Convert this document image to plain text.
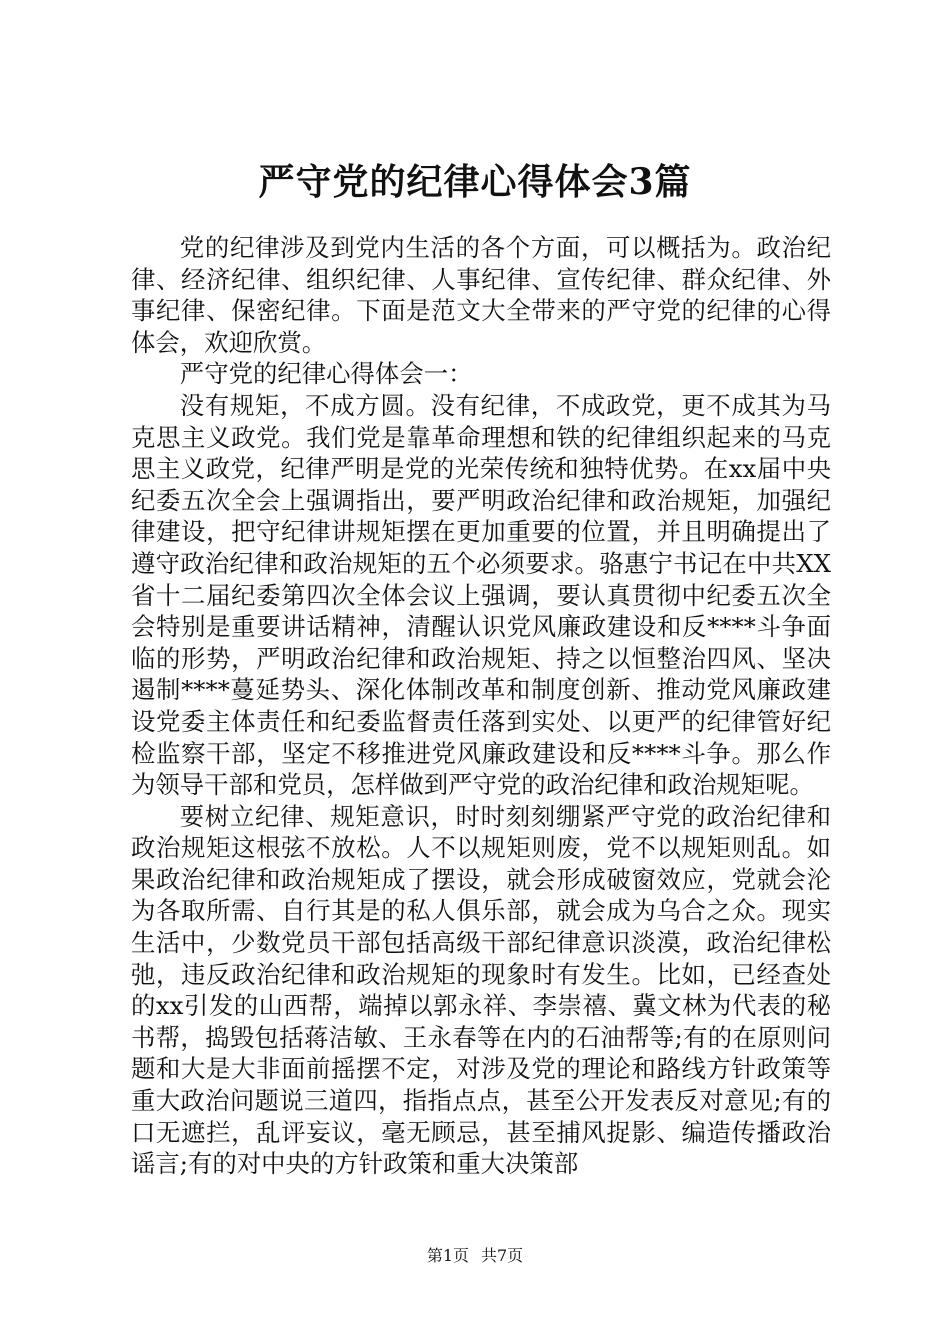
严守党的纪律心得体会3篇

党的纪律涉及到党内生活的各个方面，可以概括为。政治纪律、经济纪律、组织纪律、人事纪律、宣传纪律、群众纪律、外事纪律、保密纪律。下面是范文大全带来的严守党的纪律的心得体会，欢迎欣赏。

严守党的纪律心得体会一：

没有规矩，不成方圆。没有纪律，不成政党，更不成其为马克思主义政党。我们党是靠革命理想和铁的纪律组织起来的马克思主义政党，纪律严明是党的光荣传统和独特优势。在xx届中央纪委五次全会上强调指出，要严明政治纪律和政治规矩，加强纪律建设，把守纪律讲规矩摆在更加重要的位置，并且明确提出了遵守政治纪律和政治规矩的五个必须要求。骆惠宁书记在中共XX省十二届纪委第四次全体会议上强调，要认真贯彻中纪委五次全会特别是重要讲话精神，清醒认识党风廉政建设和反****斗争面临的形势，严明政治纪律和政治规矩、持之以恒整治四风、坚决遏制****蔓延势头、深化体制改革和制度创新、推动党风廉政建设党委主体责任和纪委监督责任落到实处、以更严的纪律管好纪检监察干部，坚定不移推进党风廉政建设和反****斗争。那么作为领导干部和党员，怎样做到严守党的政治纪律和政治规矩呢。

要树立纪律、规矩意识，时时刻刻绷紧严守党的政治纪律和政治规矩这根弦不放松。人不以规矩则废，党不以规矩则乱。如果政治纪律和政治规矩成了摆设，就会形成破窗效应，党就会沦为各取所需、自行其是的私人俱乐部，就会成为乌合之众。现实生活中，少数党员干部包括高级干部纪律意识淡漠，政治纪律松弛，违反政治纪律和政治规矩的现象时有发生。比如，已经查处的xx引发的山西帮，端掉以郭永祥、李崇禧、冀文林为代表的秘书帮，捣毁包括蒋洁敏、王永春等在内的石油帮等;有的在原则问题和大是大非面前摇摆不定，对涉及党的理论和路线方针政策等重大政治问题说三道四，指指点点，甚至公开发表反对意见;有的口无遮拦，乱评妄议，毫无顾忌，甚至捕风捉影、编造传播政治谣言;有的对中央的方针政策和重大决策部

第1页 共7页
